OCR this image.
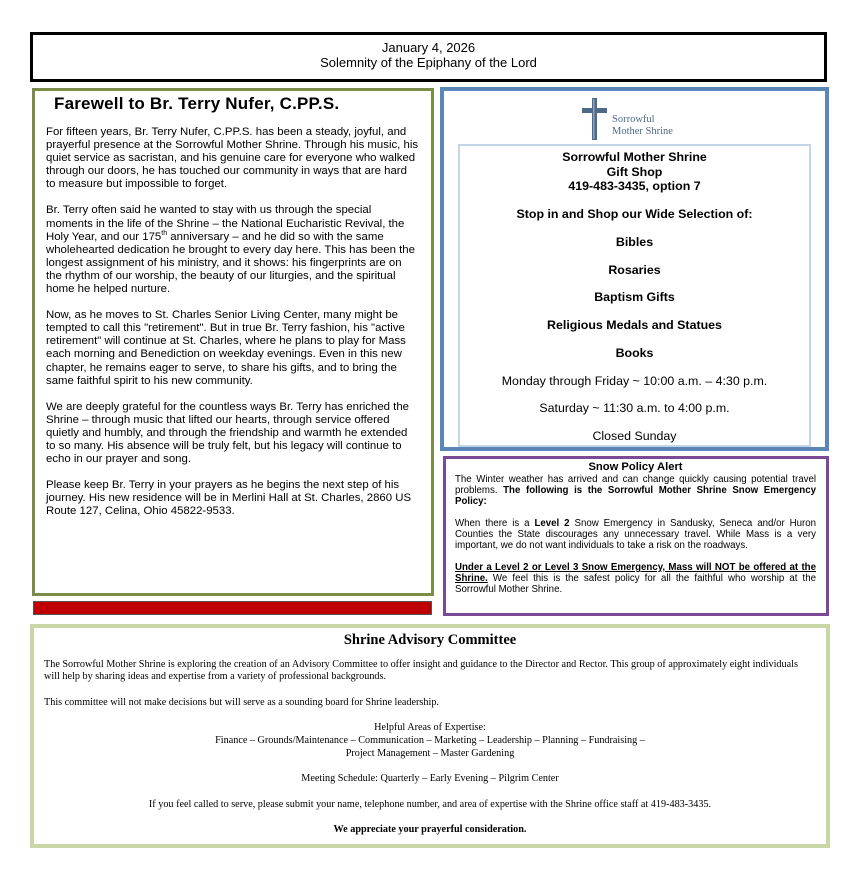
January 4, 2026
Solemnity of the Epiphany of the Lord
Farewell to Br. Terry Nufer, C.PP.S.

For fifteen years, Br. Terry Nufer, C.PP.S. has been a steady, joyful, and prayerful presence at the Sorrowful Mother Shrine. Through his music, his quiet service as sacristan, and his genuine care for everyone who walked through our doors, he has touched our community in ways that are hard to measure but impossible to forget.

Br. Terry often said he wanted to stay with us through the special moments in the life of the Shrine – the National Eucharistic Revival, the Holy Year, and our 175th anniversary – and he did so with the same wholehearted dedication he brought to every day here. This has been the longest assignment of his ministry, and it shows: his fingerprints are on the rhythm of our worship, the beauty of our liturgies, and the spiritual home he helped nurture.

Now, as he moves to St. Charles Senior Living Center, many might be tempted to call this "retirement". But in true Br. Terry fashion, his "active retirement" will continue at St. Charles, where he plans to play for Mass each morning and Benediction on weekday evenings. Even in this new chapter, he remains eager to serve, to share his gifts, and to bring the same faithful spirit to his new community.

We are deeply grateful for the countless ways Br. Terry has enriched the Shrine – through music that lifted our hearts, through service offered quietly and humbly, and through the friendship and warmth he extended to so many. His absence will be truly felt, but his legacy will continue to echo in our prayer and song.

Please keep Br. Terry in your prayers as he begins the next step of his journey. His new residence will be in Merlini Hall at St. Charles, 2860 US Route 127, Celina, Ohio 45822-9533.

Sorrowful
Mother Shrine
Sorrowful Mother Shrine
Gift Shop
419-483-3435, option 7
Stop in and Shop our Wide Selection of:
Bibles
Rosaries
Baptism Gifts
Religious Medals and Statues
Books
Monday through Friday ~ 10:00 a.m. – 4:30 p.m.
Saturday ~ 11:30 a.m. to 4:00 p.m.
Closed Sunday
Snow Policy Alert

The Winter weather has arrived and can change quickly causing potential travel problems. The following is the Sorrowful Mother Shrine Snow Emergency Policy:

When there is a Level 2 Snow Emergency in Sandusky, Seneca and/or Huron Counties the State discourages any unnecessary travel. While Mass is a very important, we do not want individuals to take a risk on the roadways.

Under a Level 2 or Level 3 Snow Emergency, Mass will NOT be offered at the Shrine. We feel this is the safest policy for all the faithful who worship at the Sorrowful Mother Shrine.

Shrine Advisory Committee

The Sorrowful Mother Shrine is exploring the creation of an Advisory Committee to offer insight and guidance to the Director and Rector. This group of approximately eight individuals will help by sharing ideas and expertise from a variety of professional backgrounds.

This committee will not make decisions but will serve as a sounding board for Shrine leadership.

Helpful Areas of Expertise:
Finance – Grounds/Maintenance – Communication – Marketing – Leadership – Planning – Fundraising –
Project Management – Master Gardening

Meeting Schedule: Quarterly – Early Evening – Pilgrim Center

If you feel called to serve, please submit your name, telephone number, and area of expertise with the Shrine office staff at 419-483-3435.

We appreciate your prayerful consideration.
